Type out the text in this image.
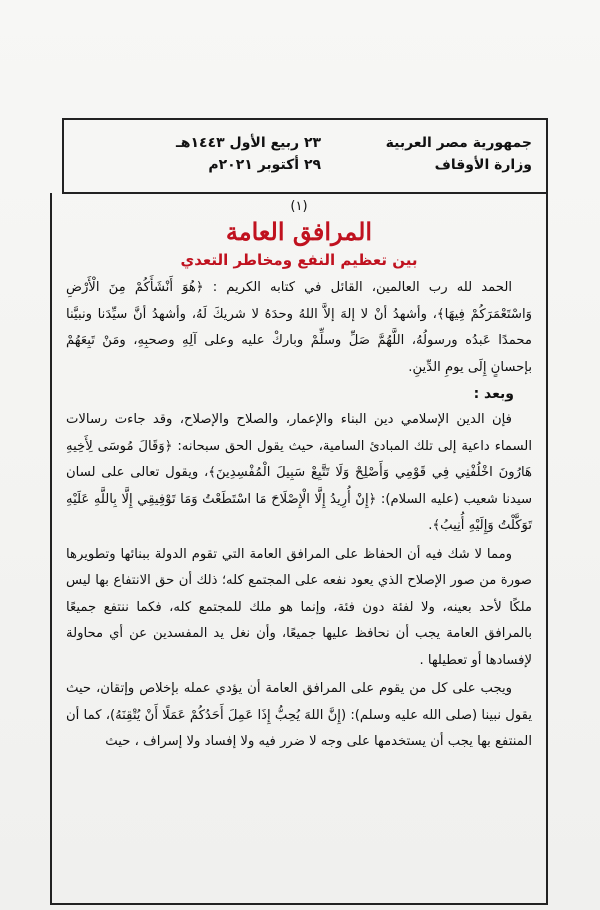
جمهورية مصر العربية
وزارة الأوقاف
٢٣ ربيع الأول ١٤٤٣هـ
٢٩ أكتوبر ٢٠٢١م
(١)
المرافق العامة
بين تعظيم النفع ومخاطر التعدي

الحمد لله رب العالمين، القائل في كتابه الكريم : ﴿هُوَ أَنْشَأَكُمْ مِنَ الْأَرْضِ وَاسْتَعْمَرَكُمْ فِيهَا﴾، وأشهدُ أنْ لا إلهَ إلاَّ اللهُ وحدَهُ لا شريكَ لَهُ، وأشهدُ أنَّ سيِّدَنا ونبيَّنا محمدًا عَبدُه ورسولُهُ، اللَّهُمَّ صَلِّ وسلِّمْ وباركْ عليه وعلى آلِهِ وصحبِهِ، ومَنْ تَبِعَهُمْ بإحسانٍ إِلَى يومِ الدِّينِ.

وبعد :

فإن الدين الإسلامي دين البناء والإعمار، والصلاح والإصلاح، وقد جاءت رسالات السماء داعية إلى تلك المبادئ السامية، حيث يقول الحق سبحانه: ﴿وَقَالَ مُوسَى لِأَخِيهِ هَارُونَ اخْلُفْنِي فِي قَوْمِي وَأَصْلِحْ وَلَا تَتَّبِعْ سَبِيلَ الْمُفْسِدِينَ﴾، ويقول تعالى على لسان سيدنا شعيب (عليه السلام): ﴿إِنْ أُرِيدُ إِلَّا الْإِصْلَاحَ مَا اسْتَطَعْتُ وَمَا تَوْفِيقِي إِلَّا بِاللَّهِ عَلَيْهِ تَوَكَّلْتُ وَإِلَيْهِ أُنِيبُ﴾.

ومما لا شك فيه أن الحفاظ على المرافق العامة التي تقوم الدولة ببنائها وتطويرها صورة من صور الإصلاح الذي يعود نفعه على المجتمع كله؛ ذلك أن حق الانتفاع بها ليس ملكًا لأحد بعينه، ولا لفئة دون فئة، وإنما هو ملك للمجتمع كله، فكما ننتفع جميعًا بالمرافق العامة يجب أن نحافظ عليها جميعًا، وأن نغل يد المفسدين عن أي محاولة لإفسادها أو تعطيلها .

ويجب على كل من يقوم على المرافق العامة أن يؤدي عمله بإخلاص وإتقان، حيث يقول نبينا (صلى الله عليه وسلم): (إِنَّ اللهَ يُحِبُّ إِذَا عَمِلَ أَحَدُكُمْ عَمَلًا أَنْ يُتْقِنَهُ)، كما أن المنتفع بها يجب أن يستخدمها على وجه لا ضرر فيه ولا إفساد ولا إسراف ، حيث
